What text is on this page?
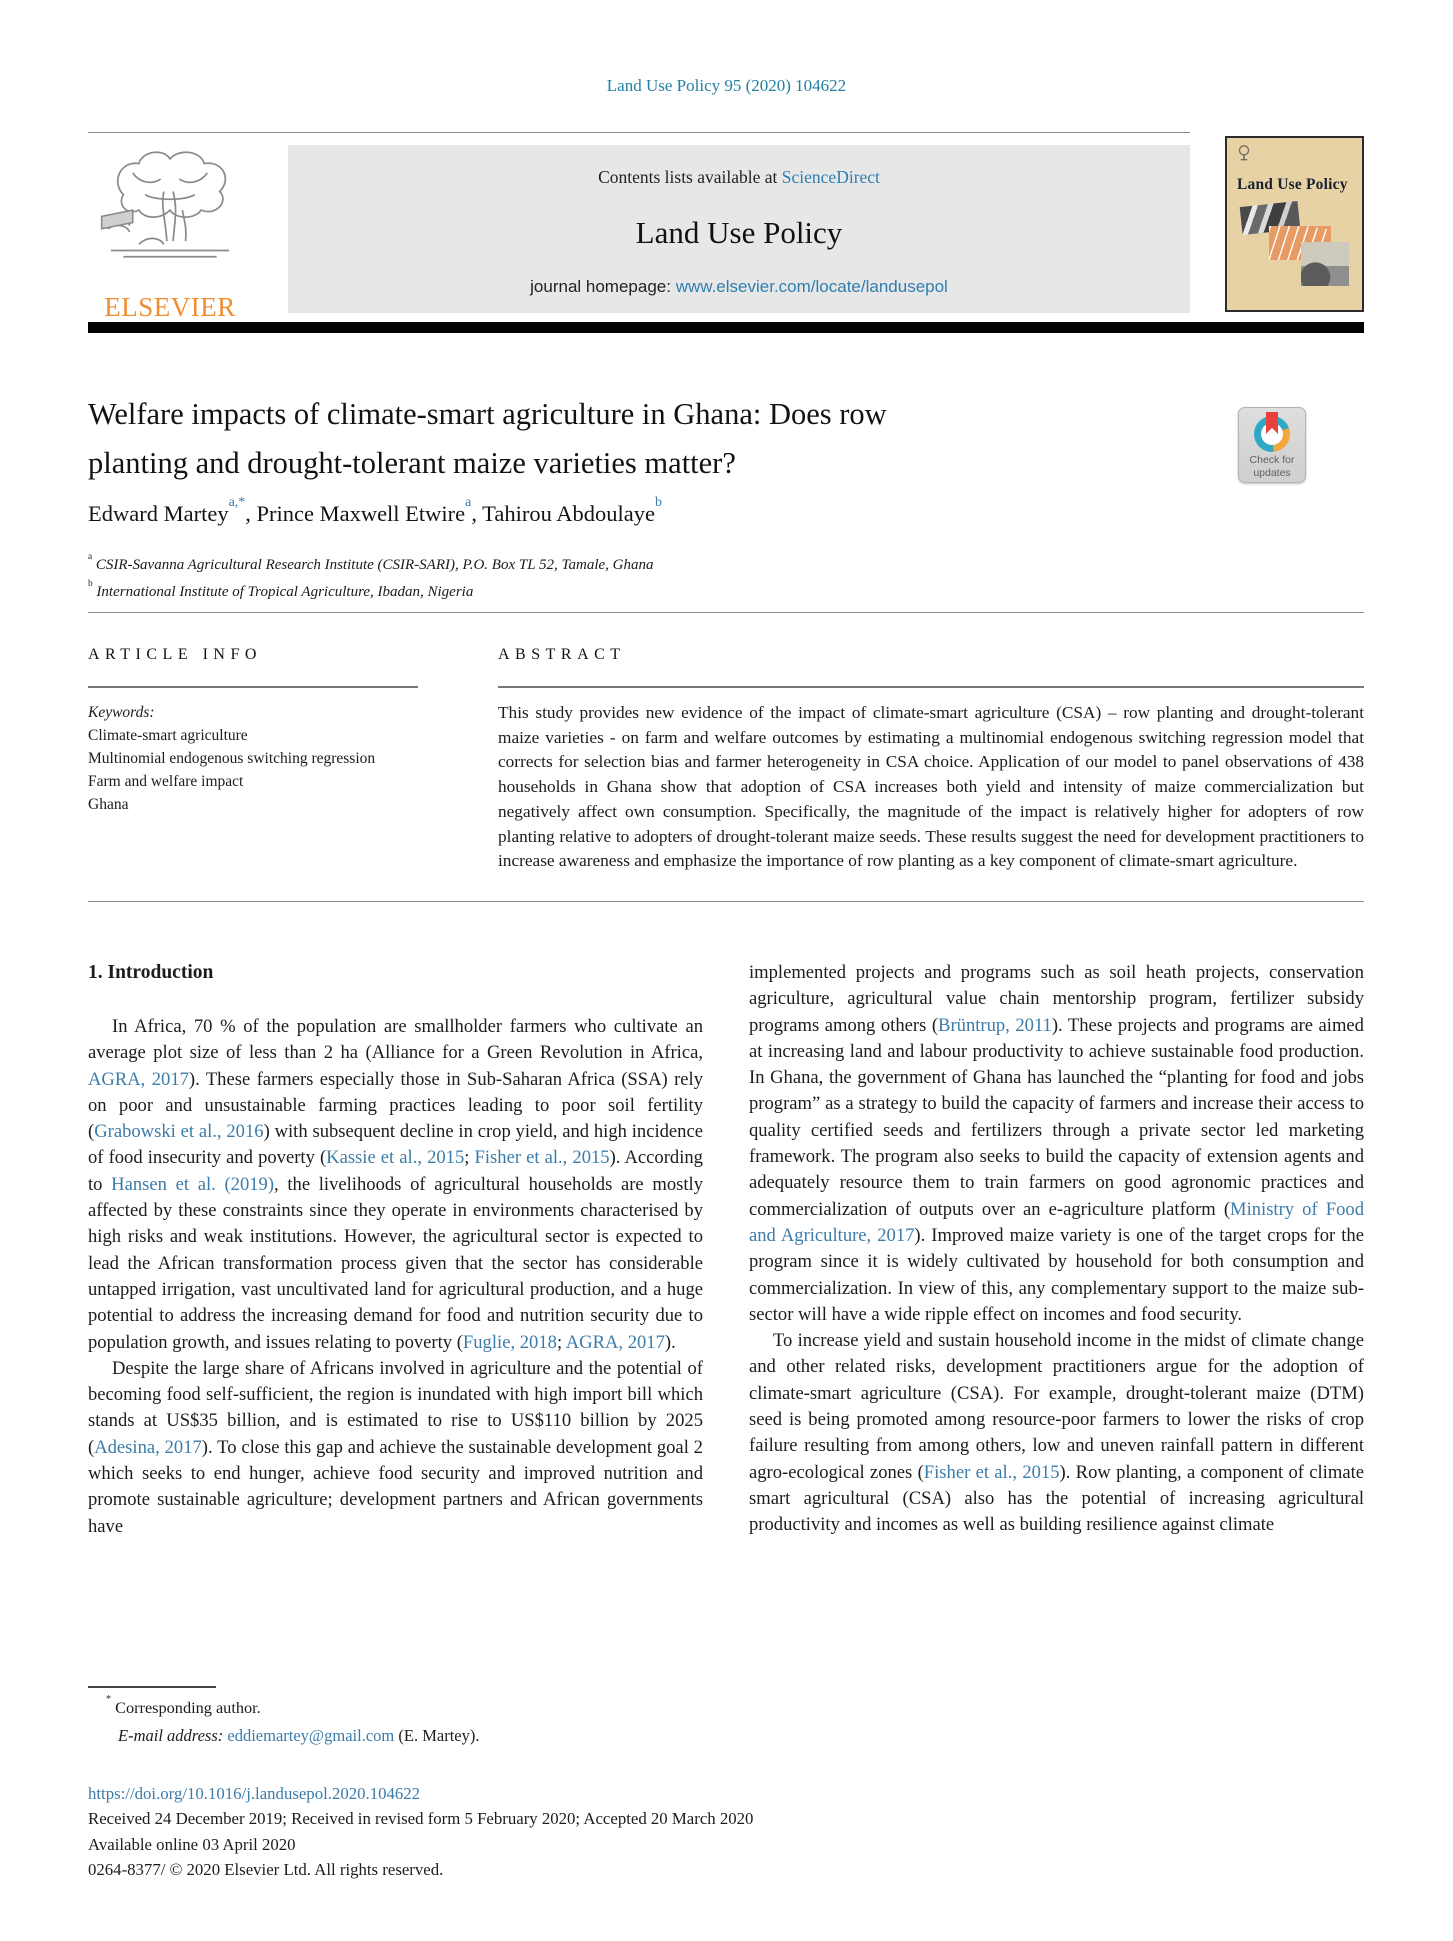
Land Use Policy 95 (2020) 104622
ELSEVIER
Contents lists available at ScienceDirect
Land Use Policy
journal homepage: www.elsevier.com/locate/landusepol
Land Use Policy
Welfare impacts of climate-smart agriculture in Ghana: Does row planting and drought-tolerant maize varieties matter?	Check for
updates
Edward Martey$^{a,*}$, Prince Maxwell Etwire$^a$, Tahirou Abdoulaye$^b$
$^a$ CSIR-Savanna Agricultural Research Institute (CSIR-SARI), P.O. Box TL 52, Tamale, Ghana
$^b$ International Institute of Tropical Agriculture, Ibadan, Nigeria
ARTICLE INFO	ABSTRACT
Keywords:
Climate-smart agriculture
Multinomial endogenous switching regression
Farm and welfare impact
Ghana
This study provides new evidence of the impact of climate-smart agriculture (CSA) – row planting and drought-tolerant maize varieties - on farm and welfare outcomes by estimating a multinomial endogenous switching regression model that corrects for selection bias and farmer heterogeneity in CSA choice. Application of our model to panel observations of 438 households in Ghana show that adoption of CSA increases both yield and intensity of maize commercialization but negatively affect own consumption. Specifically, the magnitude of the impact is relatively higher for adopters of row planting relative to adopters of drought-tolerant maize seeds. These results suggest the need for development practitioners to increase awareness and emphasize the importance of row planting as a key component of climate-smart agriculture.
1. Introduction

In Africa, 70 % of the population are smallholder farmers who cultivate an average plot size of less than 2 ha (Alliance for a Green Revolution in Africa, AGRA, 2017). These farmers especially those in Sub-Saharan Africa (SSA) rely on poor and unsustainable farming practices leading to poor soil fertility (Grabowski et al., 2016) with subsequent decline in crop yield, and high incidence of food insecurity and poverty (Kassie et al., 2015; Fisher et al., 2015). According to Hansen et al. (2019), the livelihoods of agricultural households are mostly affected by these constraints since they operate in environments characterised by high risks and weak institutions. However, the agricultural sector is expected to lead the African transformation process given that the sector has considerable untapped irrigation, vast uncultivated land for agricultural production, and a huge potential to address the increasing demand for food and nutrition security due to population growth, and issues relating to poverty (Fuglie, 2018; AGRA, 2017).

Despite the large share of Africans involved in agriculture and the potential of becoming food self-sufficient, the region is inundated with high import bill which stands at US$35 billion, and is estimated to rise to US$110 billion by 2025 (Adesina, 2017). To close this gap and achieve the sustainable development goal 2 which seeks to end hunger, achieve food security and improved nutrition and promote sustainable agriculture; development partners and African governments have

implemented projects and programs such as soil heath projects, conservation agriculture, agricultural value chain mentorship program, fertilizer subsidy programs among others (Brüntrup, 2011). These projects and programs are aimed at increasing land and labour productivity to achieve sustainable food production. In Ghana, the government of Ghana has launched the “planting for food and jobs program” as a strategy to build the capacity of farmers and increase their access to quality certified seeds and fertilizers through a private sector led marketing framework. The program also seeks to build the capacity of extension agents and adequately resource them to train farmers on good agronomic practices and commercialization of outputs over an e-agriculture platform (Ministry of Food and Agriculture, 2017). Improved maize variety is one of the target crops for the program since it is widely cultivated by household for both consumption and commercialization. In view of this, any complementary support to the maize sub-sector will have a wide ripple effect on incomes and food security.

To increase yield and sustain household income in the midst of climate change and other related risks, development practitioners argue for the adoption of climate-smart agriculture (CSA). For example, drought-tolerant maize (DTM) seed is being promoted among resource-poor farmers to lower the risks of crop failure resulting from among others, low and uneven rainfall pattern in different agro-ecological zones (Fisher et al., 2015). Row planting, a component of climate smart agricultural (CSA) also has the potential of increasing agricultural productivity and incomes as well as building resilience against climate

* Corresponding author.
E-mail address: eddiemartey@gmail.com (E. Martey).
https://doi.org/10.1016/j.landusepol.2020.104622
Received 24 December 2019; Received in revised form 5 February 2020; Accepted 20 March 2020
Available online 03 April 2020
0264-8377/ © 2020 Elsevier Ltd. All rights reserved.
